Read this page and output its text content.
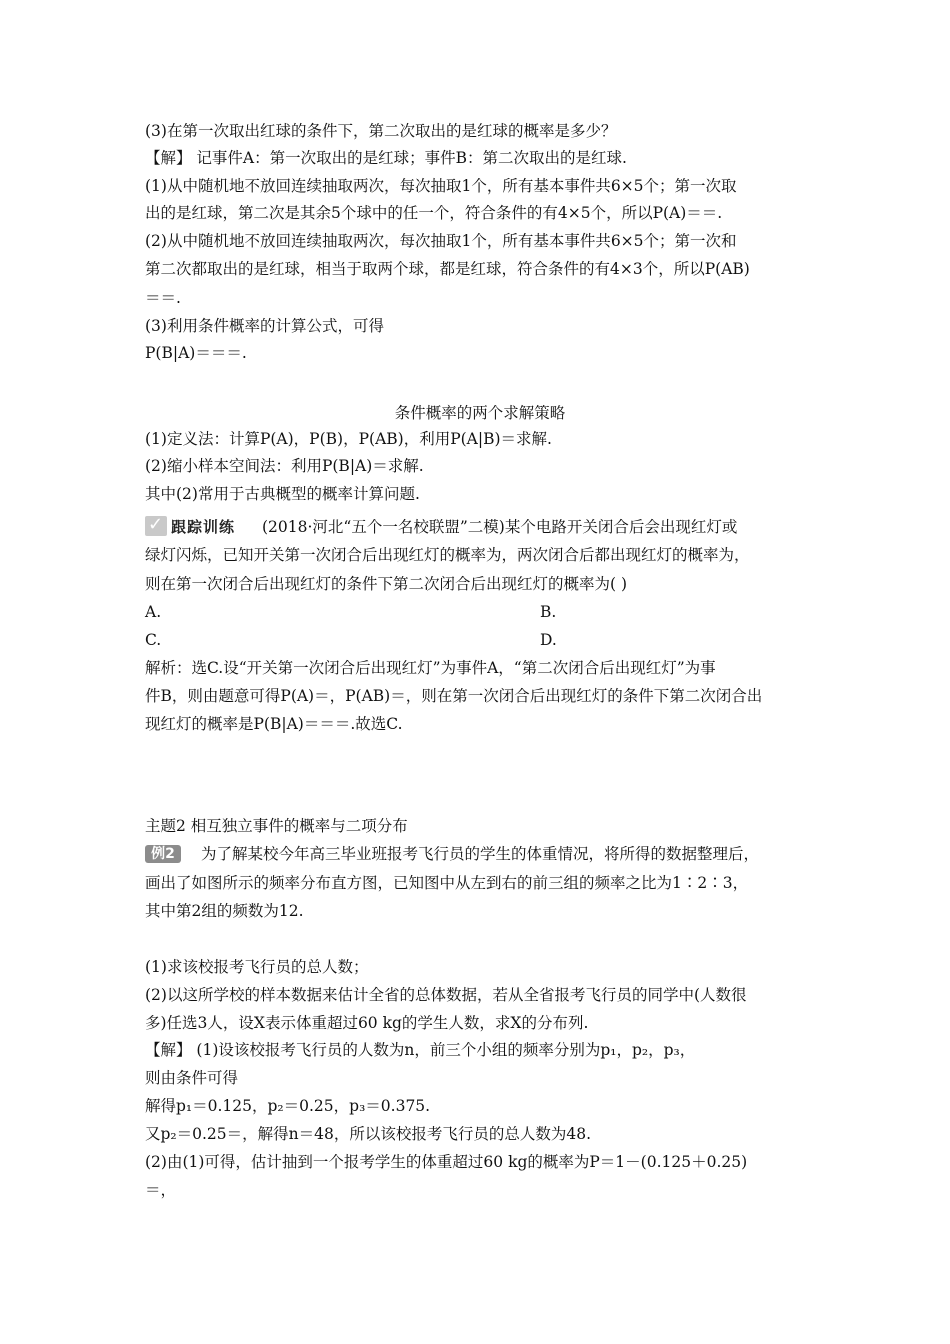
(3)在第一次取出红球的条件下，第二次取出的是红球的概率是多少？
【解】 记事件A：第一次取出的是红球；事件B：第二次取出的是红球.
(1)从中随机地不放回连续抽取两次，每次抽取1个，所有基本事件共6×5个；第一次取
出的是红球，第二次是其余5个球中的任一个，符合条件的有4×5个，所以P(A)＝＝.
(2)从中随机地不放回连续抽取两次，每次抽取1个，所有基本事件共6×5个；第一次和
第二次都取出的是红球，相当于取两个球，都是红球，符合条件的有4×3个，所以P(AB)
＝＝.
(3)利用条件概率的计算公式，可得
P(B|A)＝＝＝.
条件概率的两个求解策略
(1)定义法：计算P(A)，P(B)，P(AB)，利用P(A|B)＝求解.
(2)缩小样本空间法：利用P(B|A)＝求解.
其中(2)常用于古典概型的概率计算问题.
✓ 跟踪训练 (2018·河北“五个一名校联盟”二模)某个电路开关闭合后会出现红灯或
绿灯闪烁，已知开关第一次闭合后出现红灯的概率为，两次闭合后都出现红灯的概率为，
则在第一次闭合后出现红灯的条件下第二次闭合后出现红灯的概率为( )
A.	B.
C.	D.
解析：选C.设“开关第一次闭合后出现红灯”为事件A，“第二次闭合后出现红灯”为事
件B，则由题意可得P(A)＝，P(AB)＝，则在第一次闭合后出现红灯的条件下第二次闭合出
现红灯的概率是P(B|A)＝＝＝.故选C.
主题2 相互独立事件的概率与二项分布
例2	为了解某校今年高三毕业班报考飞行员的学生的体重情况，将所得的数据整理后，
画出了如图所示的频率分布直方图，已知图中从左到右的前三组的频率之比为1∶2∶3，
其中第2组的频数为12.
(1)求该校报考飞行员的总人数；
(2)以这所学校的样本数据来估计全省的总体数据，若从全省报考飞行员的同学中(人数很
多)任选3人，设X表示体重超过60 kg的学生人数，求X的分布列.
【解】 (1)设该校报考飞行员的人数为n，前三个小组的频率分别为p₁，p₂，p₃，
则由条件可得
解得p₁＝0.125，p₂＝0.25，p₃＝0.375.
又p₂＝0.25＝，解得n＝48，所以该校报考飞行员的总人数为48.
(2)由(1)可得，估计抽到一个报考学生的体重超过60 kg的概率为P＝1－(0.125＋0.25)
＝，
